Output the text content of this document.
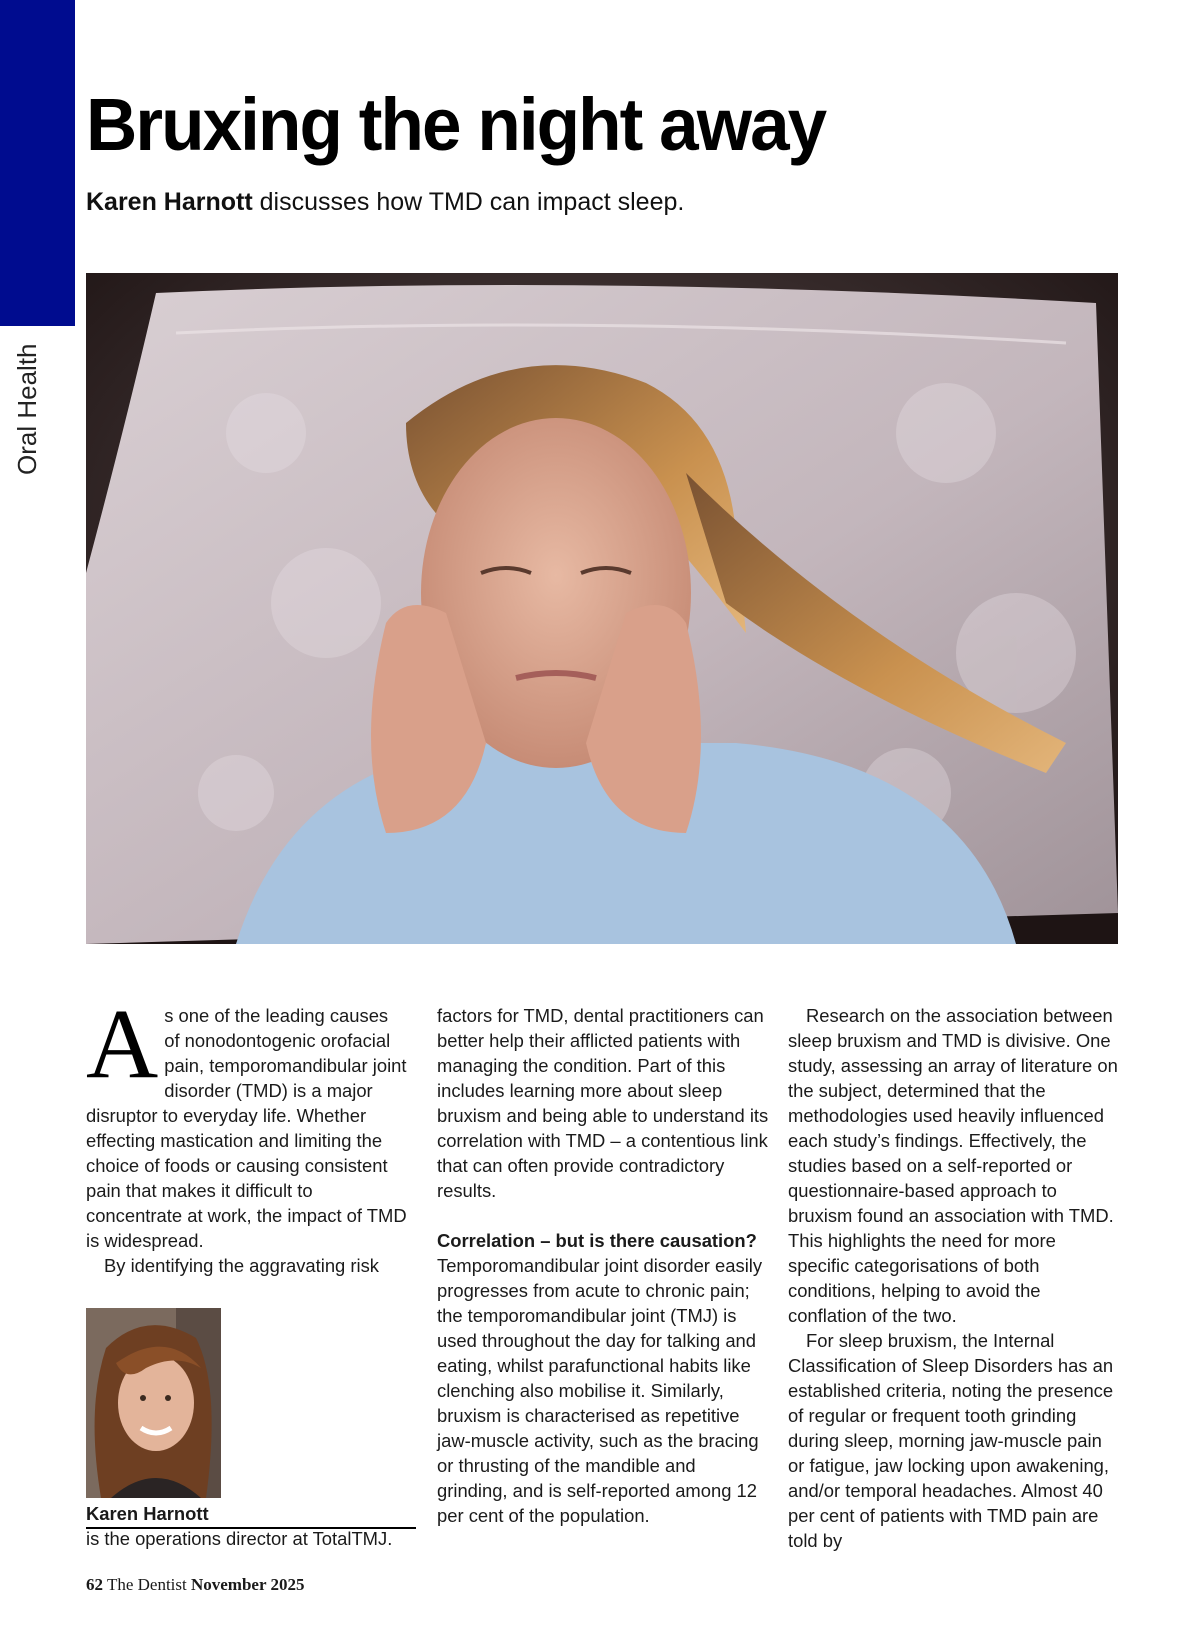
Oral Health
Bruxing the night away

Karen Harnott discusses how TMD can impact sleep.

As one of the leading causes of nonodontogenic orofacial pain, temporomandibular joint disorder (TMD) is a major disruptor to everyday life. Whether effecting mastication and limiting the choice of foods or causing consistent pain that makes it difficult to concentrate at work, the impact of TMD is widespread.

By identifying the aggravating risk

Karen Harnott
is the operations director at TotalTMJ.

factors for TMD, dental practitioners can better help their afflicted patients with managing the condition. Part of this includes learning more about sleep bruxism and being able to understand its correlation with TMD – a contentious link that can often provide contradictory results.

Correlation – but is there causation?

Temporomandibular joint disorder easily progresses from acute to chronic pain; the temporomandibular joint (TMJ) is used throughout the day for talking and eating, whilst parafunctional habits like clenching also mobilise it. Similarly, bruxism is characterised as repetitive jaw-muscle activity, such as the bracing or thrusting of the mandible and grinding, and is self-reported among 12 per cent of the population.

Research on the association between sleep bruxism and TMD is divisive. One study, assessing an array of literature on the subject, determined that the methodologies used heavily influenced each study’s findings. Effectively, the studies based on a self-reported or questionnaire-based approach to bruxism found an association with TMD. This highlights the need for more specific categorisations of both conditions, helping to avoid the conflation of the two.

For sleep bruxism, the Internal Classification of Sleep Disorders has an established criteria, noting the presence of regular or frequent tooth grinding during sleep, morning jaw-muscle pain or fatigue, jaw locking upon awakening, and/or temporal headaches. Almost 40 per cent of patients with TMD pain are told by

62 The Dentist November 2025
